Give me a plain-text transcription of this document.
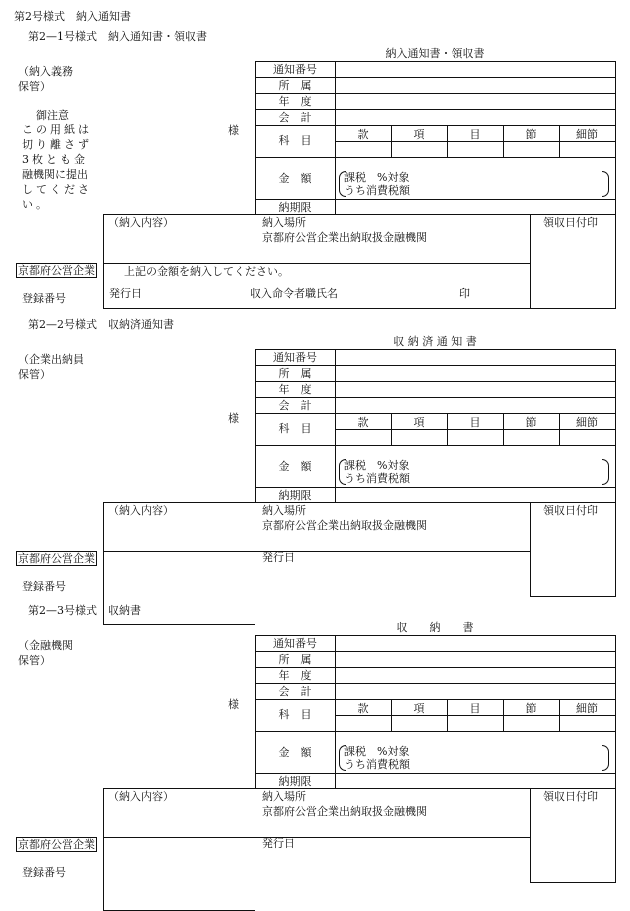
第2号様式　納入通知書
第2—1号様式　納入通知書・領収書
納入通知書・領収書
（納入義務
保管）
御注意
この用紙は
切り離さず
3枚とも金
融機関に提出
してくださ
い。
様
通知番号
所　属
年　度
会　計
科　目
金　額
納期限
款	項	目	節	細節
課税　%対象
うち消費税額
（納入内容）	納入場所
京都府公営企業出納取扱金融機関
領収日付印
京都府公営企業
登録番号
上記の金額を納入してください。
発行日	収入命令者職氏名	印
第2—2号様式　収納済通知書
収 納 済 通 知 書
（企業出納員
保管）
様
通知番号
所　属
年　度
会　計
科　目
金　額
納期限
款	項	目	節	細節
課税　%対象
うち消費税額
（納入内容）	納入場所
京都府公営企業出納取扱金融機関
領収日付印
京都府公営企業
登録番号
発行日
第2—3号様式　収納書
収　　納　　書
（金融機関
保管）
様
通知番号
所　属
年　度
会　計
科　目
金　額
納期限
款	項	目	節	細節
課税　%対象
うち消費税額
（納入内容）	納入場所
京都府公営企業出納取扱金融機関
領収日付印
京都府公営企業
登録番号
発行日
